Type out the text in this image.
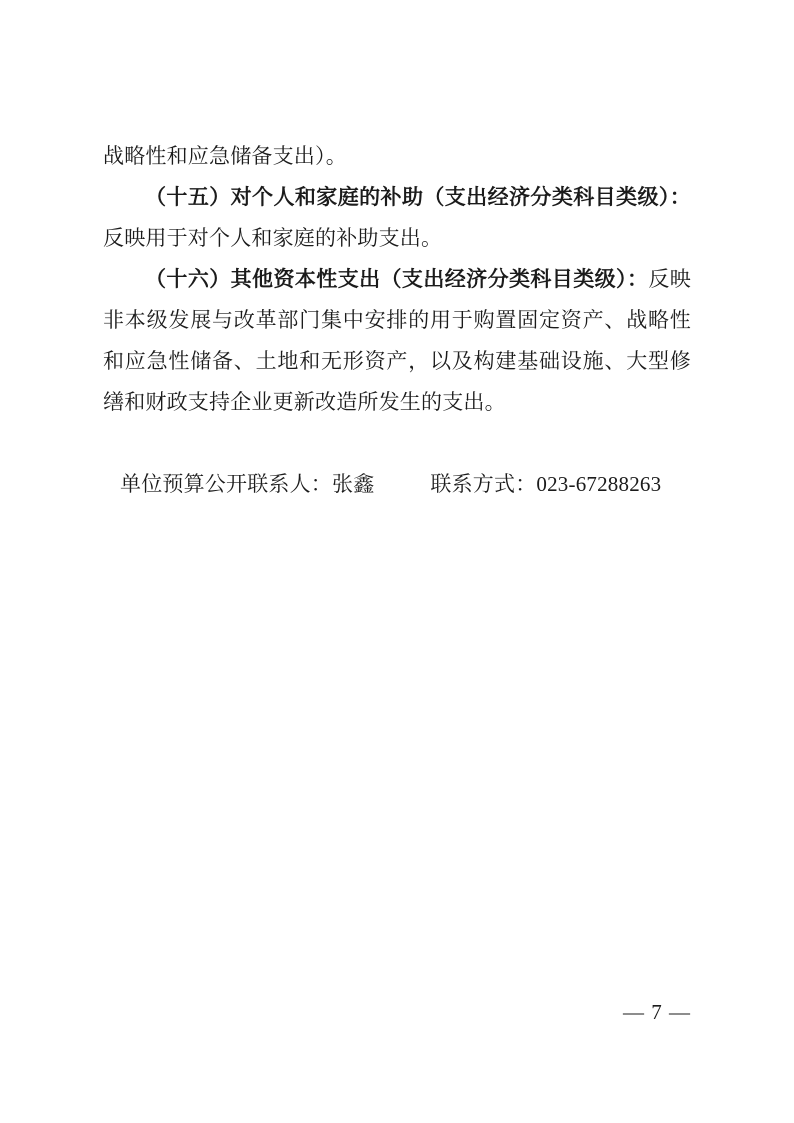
战略性和应急储备支出）。

（十五）对个人和家庭的补助（支出经济分类科目类级）：反映用于对个人和家庭的补助支出。

（十六）其他资本性支出（支出经济分类科目类级）：反映非本级发展与改革部门集中安排的用于购置固定资产、战略性和应急性储备、土地和无形资产，以及构建基础设施、大型修缮和财政支持企业更新改造所发生的支出。

单位预算公开联系人：张鑫	联系方式：023-67288263

— 7 —
